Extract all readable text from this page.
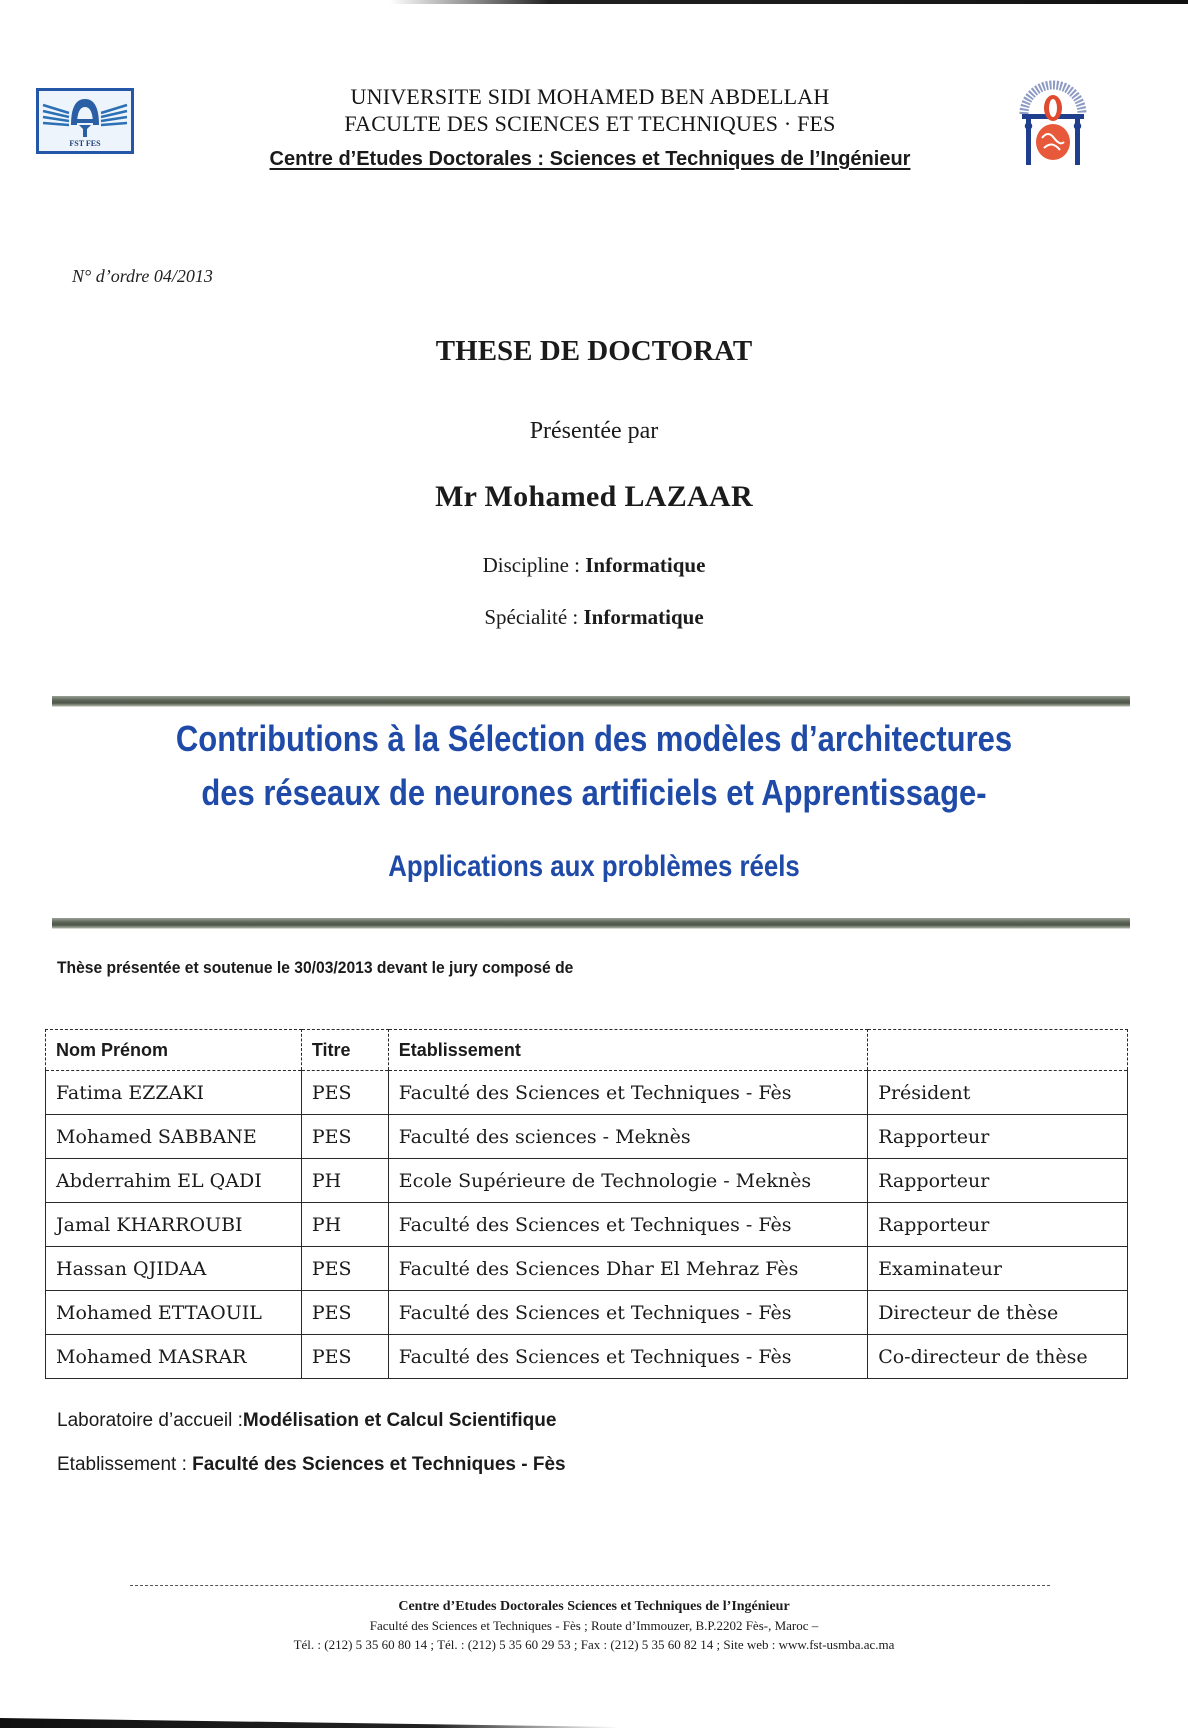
FST FES
UNIVERSITE SIDI MOHAMED BEN ABDELLAH
FACULTE DES SCIENCES ET TECHNIQUES · FES
Centre d’Etudes Doctorales : Sciences et Techniques de l’Ingénieur
N° d’ordre 04/2013
THESE DE DOCTORAT
Présentée par
Mr Mohamed LAZAAR
Discipline : Informatique
Spécialité : Informatique
Contributions à la Sélection des modèles d’architectures
des réseaux de neurones artificiels et Apprentissage-
Applications aux problèmes réels
Thèse présentée et soutenue le 30/03/2013 devant le jury composé de
Nom Prénom	Titre	Etablissement	
Fatima EZZAKI	PES	Faculté des Sciences et Techniques - Fès	Président
Mohamed SABBANE	PES	Faculté des sciences - Meknès	Rapporteur
Abderrahim EL QADI	PH	Ecole Supérieure de Technologie - Meknès	Rapporteur
Jamal KHARROUBI	PH	Faculté des Sciences et Techniques - Fès	Rapporteur
Hassan QJIDAA	PES	Faculté des Sciences Dhar El Mehraz Fès	Examinateur
Mohamed ETTAOUIL	PES	Faculté des Sciences et Techniques - Fès	Directeur de thèse
Mohamed MASRAR	PES	Faculté des Sciences et Techniques - Fès	Co-directeur de thèse
Laboratoire d’accueil :Modélisation et Calcul Scientifique
Etablissement : Faculté des Sciences et Techniques - Fès
Centre d’Etudes Doctorales Sciences et Techniques de l’Ingénieur
Faculté des Sciences et Techniques - Fès ; Route d’Immouzer, B.P.2202 Fès-, Maroc –
Tél. : (212) 5 35 60 80 14 ; Tél. : (212) 5 35 60 29 53 ; Fax : (212) 5 35 60 82 14 ; Site web : www.fst-usmba.ac.ma
